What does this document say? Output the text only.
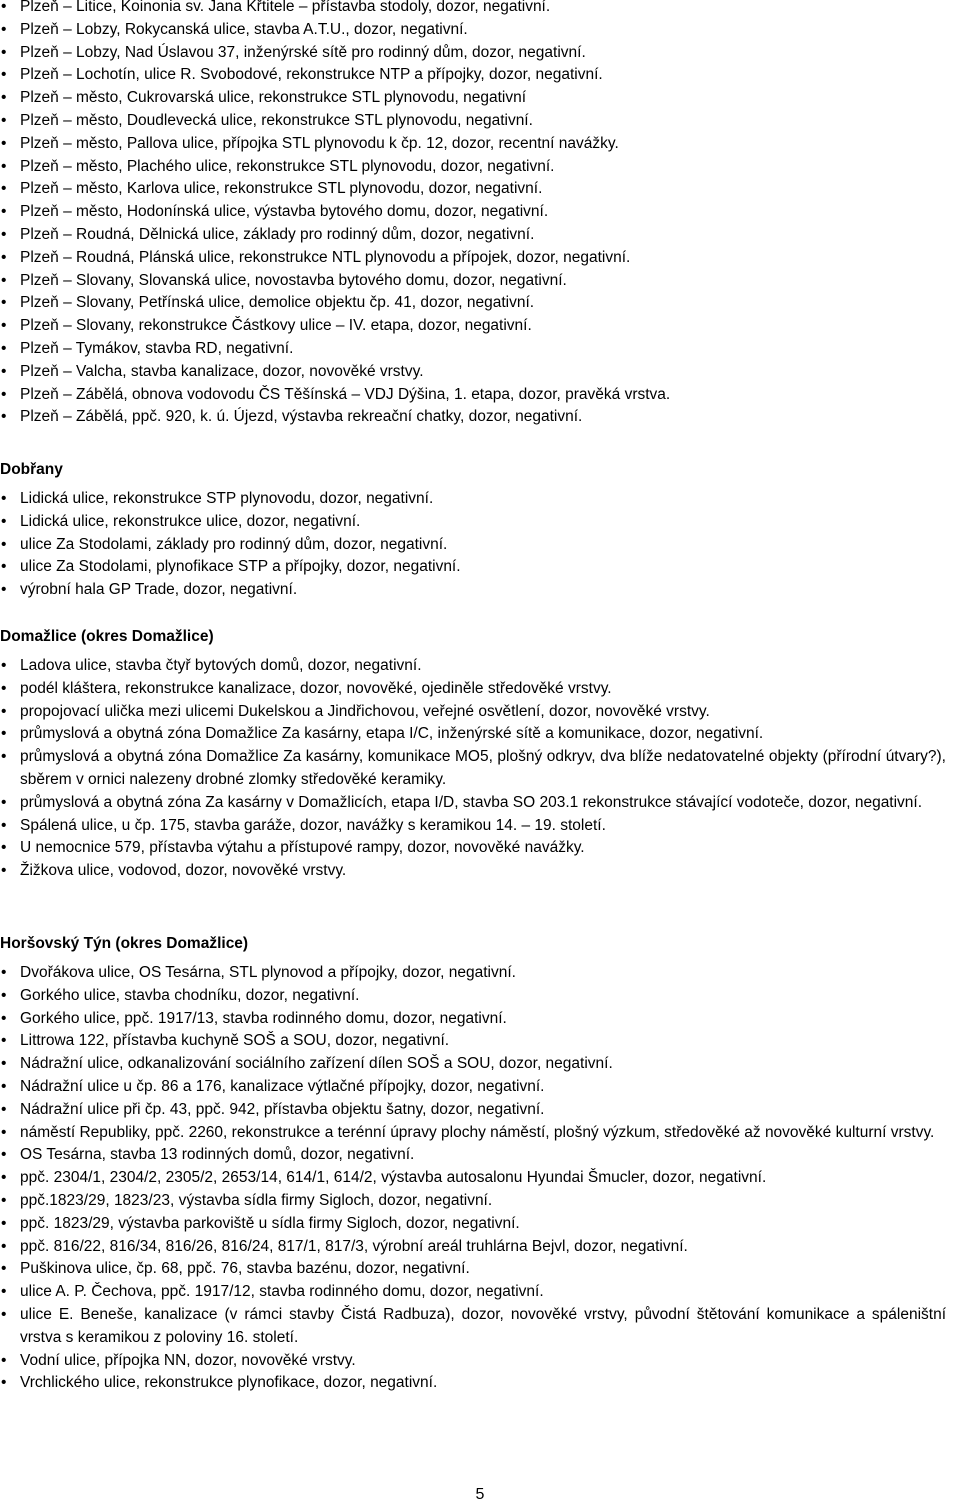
• Plzeň – Litice, Koinonia sv. Jana Křtitele – přístavba stodoly, dozor, negativní.
• Plzeň – Lobzy, Rokycanská ulice, stavba A.T.U., dozor, negativní.
• Plzeň – Lobzy, Nad Úslavou 37, inženýrské sítě pro rodinný dům, dozor, negativní.
• Plzeň – Lochotín, ulice R. Svobodové, rekonstrukce NTP a přípojky, dozor, negativní.
• Plzeň – město, Cukrovarská ulice, rekonstrukce STL plynovodu, negativní
• Plzeň – město, Doudlevecká ulice, rekonstrukce STL plynovodu, negativní.
• Plzeň – město, Pallova ulice, přípojka STL plynovodu k čp. 12, dozor, recentní navážky.
• Plzeň – město, Plachého ulice, rekonstrukce STL plynovodu, dozor, negativní.
• Plzeň – město, Karlova ulice, rekonstrukce STL plynovodu, dozor, negativní.
• Plzeň – město, Hodonínská ulice, výstavba bytového domu, dozor, negativní.
• Plzeň – Roudná, Dělnická ulice, základy pro rodinný dům, dozor, negativní.
• Plzeň – Roudná, Plánská ulice, rekonstrukce NTL plynovodu a přípojek, dozor, negativní.
• Plzeň – Slovany, Slovanská ulice, novostavba bytového domu, dozor, negativní.
• Plzeň – Slovany, Petřínská ulice, demolice objektu čp. 41, dozor, negativní.
• Plzeň – Slovany, rekonstrukce Částkovy ulice – IV. etapa, dozor, negativní.
• Plzeň – Tymákov, stavba RD, negativní.
• Plzeň – Valcha, stavba kanalizace, dozor, novověké vrstvy.
• Plzeň – Zábělá, obnova vodovodu ČS Těšínská – VDJ Dýšina, 1. etapa, dozor, pravěká vrstva.
• Plzeň – Zábělá, ppč. 920, k. ú. Újezd, výstavba rekreační chatky, dozor, negativní.
Dobřany
• Lidická ulice, rekonstrukce STP plynovodu, dozor, negativní.
• Lidická ulice, rekonstrukce ulice, dozor, negativní.
• ulice Za Stodolami, základy pro rodinný dům, dozor, negativní.
• ulice Za Stodolami, plynofikace STP a přípojky, dozor, negativní.
• výrobní hala GP Trade, dozor, negativní.
Domažlice (okres Domažlice)
• Ladova ulice, stavba čtyř bytových domů, dozor, negativní.
• podél kláštera, rekonstrukce kanalizace, dozor, novověké, ojediněle středověké vrstvy.
• propojovací ulička mezi ulicemi Dukelskou a Jindřichovou, veřejné osvětlení, dozor, novověké vrstvy.
• průmyslová a obytná zóna Domažlice Za kasárny, etapa I/C, inženýrské sítě a komunikace, dozor, negativní.
• průmyslová a obytná zóna Domažlice Za kasárny, komunikace MO5, plošný odkryv, dva blíže nedatovatelné objekty (přírodní útvary?), sběrem v ornici nalezeny drobné zlomky středověké keramiky.
• průmyslová a obytná zóna Za kasárny v Domažlicích, etapa I/D, stavba SO 203.1 rekonstrukce stávající vodoteče, dozor, negativní.
• Spálená ulice, u čp. 175, stavba garáže, dozor, navážky s keramikou 14. – 19. století.
• U nemocnice 579, přístavba výtahu a přístupové rampy, dozor, novověké navážky.
• Žižkova ulice, vodovod, dozor, novověké vrstvy.
Horšovský Týn (okres Domažlice)
• Dvořákova ulice, OS Tesárna, STL plynovod a přípojky, dozor, negativní.
• Gorkého ulice, stavba chodníku, dozor, negativní.
• Gorkého ulice, ppč. 1917/13, stavba rodinného domu, dozor, negativní.
• Littrowa 122, přístavba kuchyně SOŠ a SOU, dozor, negativní.
• Nádražní ulice, odkanalizování sociálního zařízení dílen SOŠ a SOU, dozor, negativní.
• Nádražní ulice u čp. 86 a 176, kanalizace výtlačné přípojky, dozor, negativní.
• Nádražní ulice při čp. 43, ppč. 942, přístavba objektu šatny, dozor, negativní.
• náměstí Republiky, ppč. 2260, rekonstrukce a terénní úpravy plochy náměstí, plošný výzkum, středověké až novověké kulturní vrstvy.
• OS Tesárna, stavba 13 rodinných domů, dozor, negativní.
• ppč. 2304/1, 2304/2, 2305/2, 2653/14, 614/1, 614/2, výstavba autosalonu Hyundai Šmucler, dozor, negativní.
• ppč.1823/29, 1823/23, výstavba sídla firmy Sigloch, dozor, negativní.
• ppč. 1823/29, výstavba parkoviště u sídla firmy Sigloch, dozor, negativní.
• ppč. 816/22, 816/34, 816/26, 816/24, 817/1, 817/3, výrobní areál truhlárna Bejvl, dozor, negativní.
• Puškinova ulice, čp. 68, ppč. 76, stavba bazénu, dozor, negativní.
• ulice A. P. Čechova, ppč. 1917/12, stavba rodinného domu, dozor, negativní.
• ulice E. Beneše, kanalizace (v rámci stavby Čistá Radbuza), dozor, novověké vrstvy, původní štětování komunikace a spáleništní vrstva s keramikou z poloviny 16. století.
• Vodní ulice, přípojka NN, dozor, novověké vrstvy.
• Vrchlického ulice, rekonstrukce plynofikace, dozor, negativní.
5
